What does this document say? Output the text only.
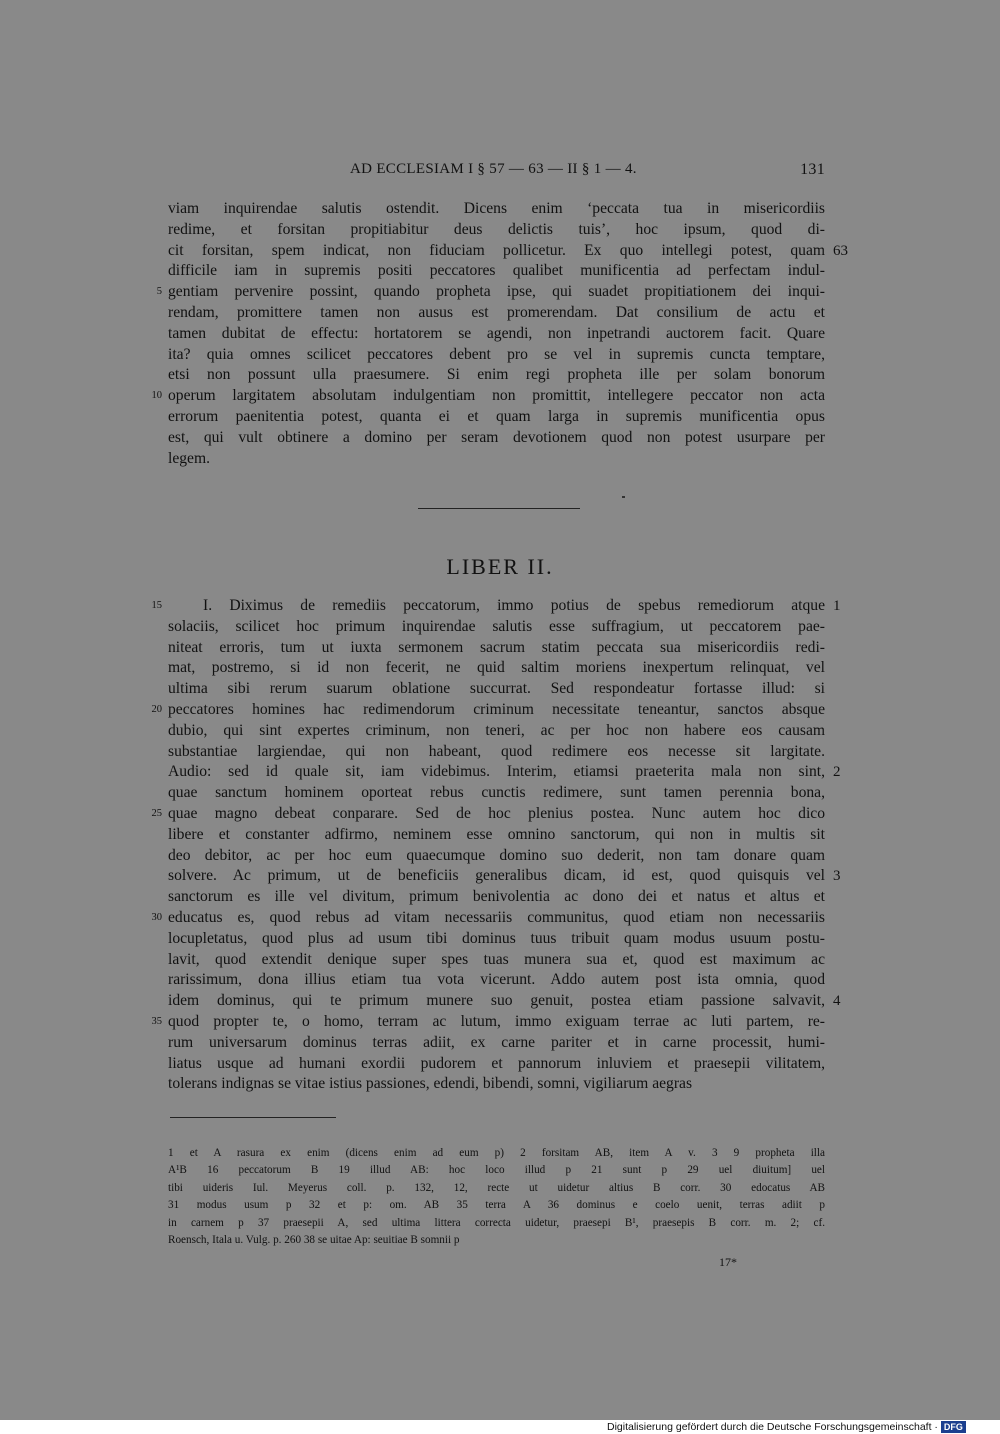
AD ECCLESIAM I § 57 — 63 — II § 1 — 4.	131
viam inquirendae salutis ostendit. Dicens enim ‘peccata tua in misericordiis
redime, et forsitan propitiabitur deus delictis tuis’, hoc ipsum, quod di-
cit forsitan, spem indicat, non fiduciam pollicetur. Ex quo intellegi potest, quam 63
difficile iam in supremis positi peccatores qualibet munificentia ad perfectam indul-
gentiam pervenire possint, quando propheta ipse, qui suadet propitiationem dei inqui-
5
rendam, promittere tamen non ausus est promerendam. Dat consilium de actu et
tamen dubitat de effectu: hortatorem se agendi, non inpetrandi auctorem facit. Quare
ita? quia omnes scilicet peccatores debent pro se vel in supremis cuncta temptare,
etsi non possunt ulla praesumere. Si enim regi propheta ille per solam bonorum
operum largitatem absolutam indulgentiam non promittit, intellegere peccator non acta
10
errorum paenitentia potest, quanta ei et quam larga in supremis munificentia opus
est, qui vult obtinere a domino per seram devotionem quod non potest usurpare per
legem.
LIBER II.
I. Diximus de remediis peccatorum, immo potius de spebus remediorum atque
15	1
solaciis, scilicet hoc primum inquirendae salutis esse suffragium, ut peccatorem pae-
niteat erroris, tum ut iuxta sermonem sacrum statim peccata sua misericordiis redi-
mat, postremo, si id non fecerit, ne quid saltim moriens inexpertum relinquat, vel
ultima sibi rerum suarum oblatione succurrat. Sed respondeatur fortasse illud: si
peccatores homines hac redimendorum criminum necessitate teneantur, sanctos absque
20
dubio, qui sint expertes criminum, non teneri, ac per hoc non habere eos causam
substantiae largiendae, qui non habeant, quod redimere eos necesse sit largitate.
Audio: sed id quale sit, iam videbimus. Interim, etiamsi praeterita mala non sint, 2
quae sanctum hominem oporteat rebus cunctis redimere, sunt tamen perennia bona,
quae magno debeat conparare. Sed de hoc plenius postea. Nunc autem hoc dico
25
libere et constanter adfirmo, neminem esse omnino sanctorum, qui non in multis sit
deo debitor, ac per hoc eum quaecumque domino suo dederit, non tam donare quam
solvere. Ac primum, ut de beneficiis generalibus dicam, id est, quod quisquis vel 3
sanctorum es ille vel divitum, primum benivolentia ac dono dei et natus et altus et
educatus es, quod rebus ad vitam necessariis communitus, quod etiam non necessariis
30
locupletatus, quod plus ad usum tibi dominus tuus tribuit quam modus usuum postu-
lavit, quod extendit denique super spes tuas munera sua et, quod est maximum ac
rarissimum, dona illius etiam tua vota vicerunt. Addo autem post ista omnia, quod
idem dominus, qui te primum munere suo genuit, postea etiam passione salvavit, 4
quod propter te, o homo, terram ac lutum, immo exiguam terrae ac luti partem, re-
35
rum universarum dominus terras adiit, ex carne pariter et in carne processit, humi-
liatus usque ad humani exordii pudorem et pannorum inluviem et praesepii vilitatem,
tolerans indignas se vitae istius passiones, edendi, bibendi, somni, vigiliarum aegras
1 et A rasura ex enim (dicens enim ad eum p) 2 forsitam AB, item A v. 3 9 propheta illa
A¹B 16 peccatorum B 19 illud AB: hoc loco illud p 21 sunt p 29 uel diuitum] uel
tibi uideris Iul. Meyerus coll. p. 132, 12, recte ut uidetur altius B corr. 30 edocatus AB
31 modus usum p 32 et p: om. AB 35 terra A 36 dominus e coelo uenit, terras adiit p
in carnem p 37 praesepii A, sed ultima littera correcta uidetur, praesepi B¹, praesepis B corr. m. 2; cf.
Roensch, Itala u. Vulg. p. 260 38 se uitae Ap: seuitiae B somnii p
17*
Digitalisierung gefördert durch die Deutsche Forschungsgemeinschaft · DFG
